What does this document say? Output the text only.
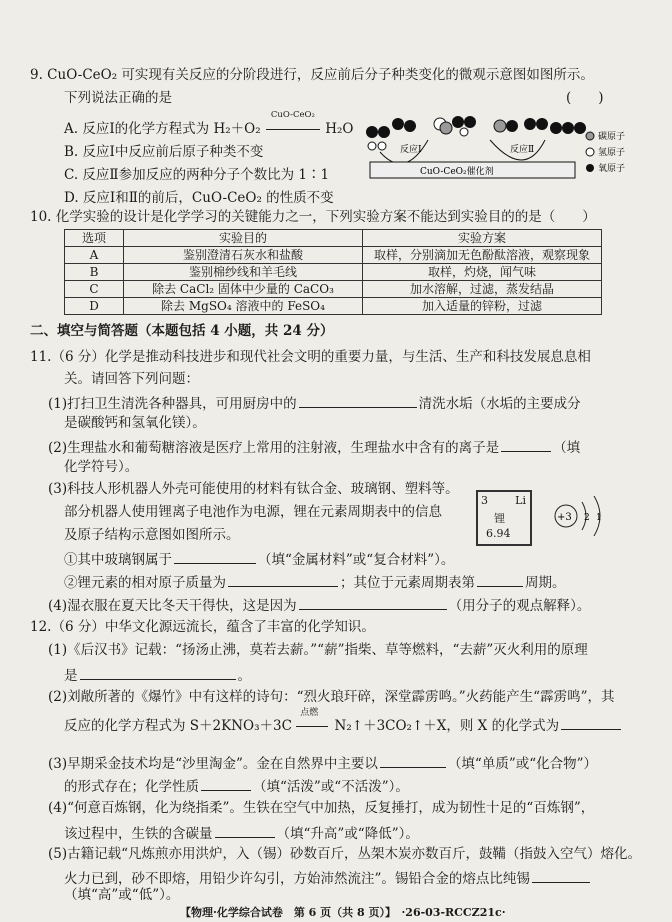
9. CuO-CeO₂ 可实现有关反应的分阶段进行，反应前后分子种类变化的微观示意图如图所示。
下列说法正确的是	(　　)
A. 反应Ⅰ的化学方程式为 H₂＋O₂
CuO-CeO₂
H₂O
B. 反应Ⅰ中反应前后原子种类不变
C. 反应Ⅱ参加反应的两种分子个数比为 1∶1
D. 反应Ⅰ和Ⅱ的前后，CuO-CeO₂ 的性质不变
反应Ⅰ	反应Ⅱ
CuO-CeO₂催化剂
碳原子
氢原子
氧原子
10. 化学实验的设计是化学学习的关键能力之一，下列实验方案不能达到实验目的的是（　　）
选项	实验目的	实验方案
A	鉴别澄清石灰水和盐酸	取样，分别滴加无色酚酞溶液，观察现象
B	鉴别棉纱线和羊毛线	取样，灼烧，闻气味
C	除去 CaCl₂ 固体中少量的 CaCO₃	加水溶解，过滤，蒸发结晶
D	除去 MgSO₄ 溶液中的 FeSO₄	加入适量的锌粉，过滤
二、填空与简答题（本题包括 4 小题，共 24 分）
11.（6 分）化学是推动科技进步和现代社会文明的重要力量，与生活、生产和科技发展息息相
关。请回答下列问题：
(1)打扫卫生清洗各种器具，可用厨房中的	清洗水垢（水垢的主要成分
是碳酸钙和氢氧化镁）。
(2)生理盐水和葡萄糖溶液是医疗上常用的注射液，生理盐水中含有的离子是	（填
化学符号）。
(3)科技人形机器人外壳可能使用的材料有钛合金、玻璃钢、塑料等。
部分机器人使用锂离子电池作为电源，锂在元素周期表中的信息
及原子结构示意图如图所示。
①其中玻璃钢属于	（填“金属材料”或“复合材料”）。
②锂元素的相对原子质量为	；其位于元素周期表第	周期。
(4)湿衣服在夏天比冬天干得快，这是因为	（用分子的观点解释）。
3 Li
锂
6.94
+3 2 1
12.（6 分）中华文化源远流长，蕴含了丰富的化学知识。
(1)《后汉书》记载：“扬汤止沸，莫若去薪。”“薪”指柴、草等燃料，“去薪”灭火利用的原理
是	。
(2)刘敞所著的《爆竹》中有这样的诗句：“烈火琅玕碎，深堂霹雳鸣。”火药能产生“霹雳鸣”，其
反应的化学方程式为 S＋2KNO₃＋3C
点燃
N₂↑＋3CO₂↑＋X，则 X 的化学式为
(3)早期采金技术均是“沙里淘金”。金在自然界中主要以	（填“单质”或“化合物”）
的形式存在；化学性质	（填“活泼”或“不活泼”）。
(4)“何意百炼钢，化为绕指柔”。生铁在空气中加热，反复捶打，成为韧性十足的“百炼钢”，
该过程中，生铁的含碳量	（填“升高”或“降低”）。
(5)古籍记载“凡炼煎亦用洪炉，入（锡）砂数百斤，丛架木炭亦数百斤，鼓鞴（指鼓入空气）熔化。
火力已到，砂不即熔，用铅少许勾引，方始沛然流注”。锡铅合金的熔点比纯锡
（填“高”或“低”）。
【物理·化学综合试卷　第 6 页（共 8 页）】　·26-03-RCCZ21c·
